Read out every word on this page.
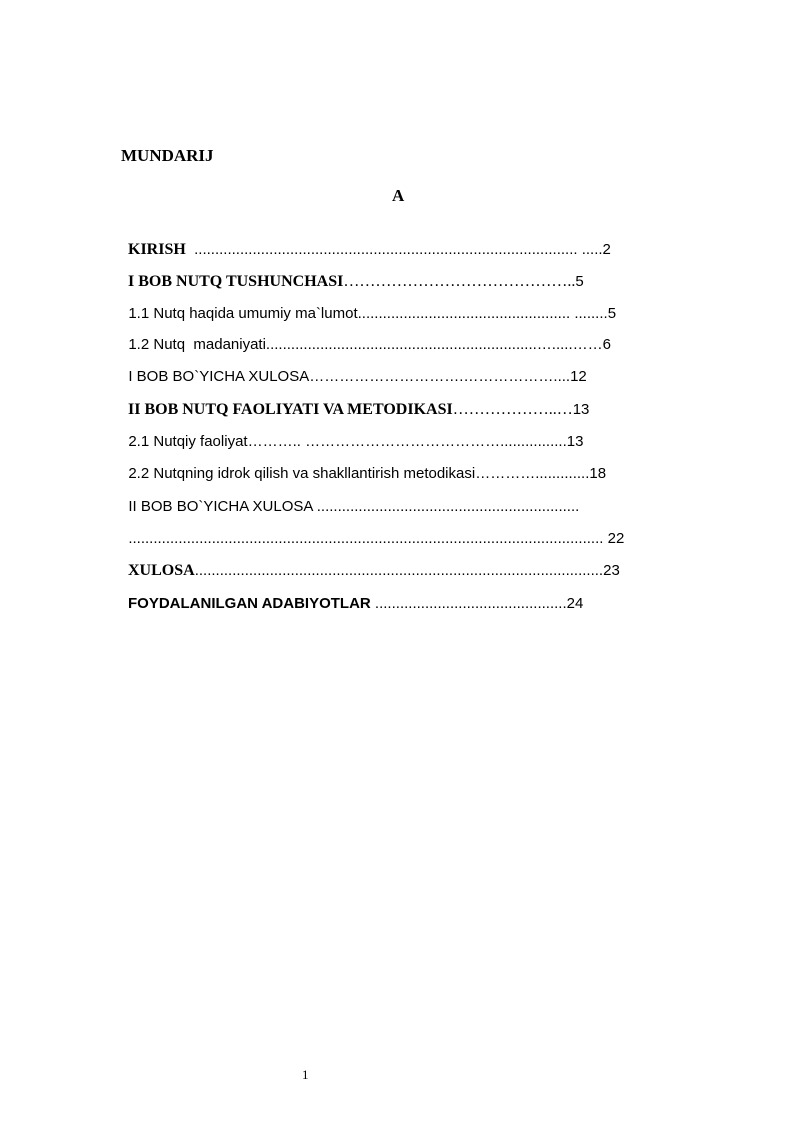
MUNDARIJ
A

KIRISH  ............................................................................................ .....2

I BOB NUTQ TUSHUNCHASI……………………………………..5

1.1 Nutq haqida umumiy ma`lumot................................................... ........5

1.2 Nutq  madaniyati.................................................................….....……6

I BOB BO`YICHA XULOSA………………………….………………....12

II BOB NUTQ FAOLIYATI VA METODIKASI………………..…13

2.1 Nutqiy faoliyat……….. …………………………………................13

2.2 Nutqning idrok qilish va shakllantirish metodikasi………….............18

II BOB BO`YICHA XULOSA ...............................................................

.................................................................................................................. 22

XULOSA..................................................................................................23

FOYDALANILGAN ADABIYOTLAR ..............................................24

1
